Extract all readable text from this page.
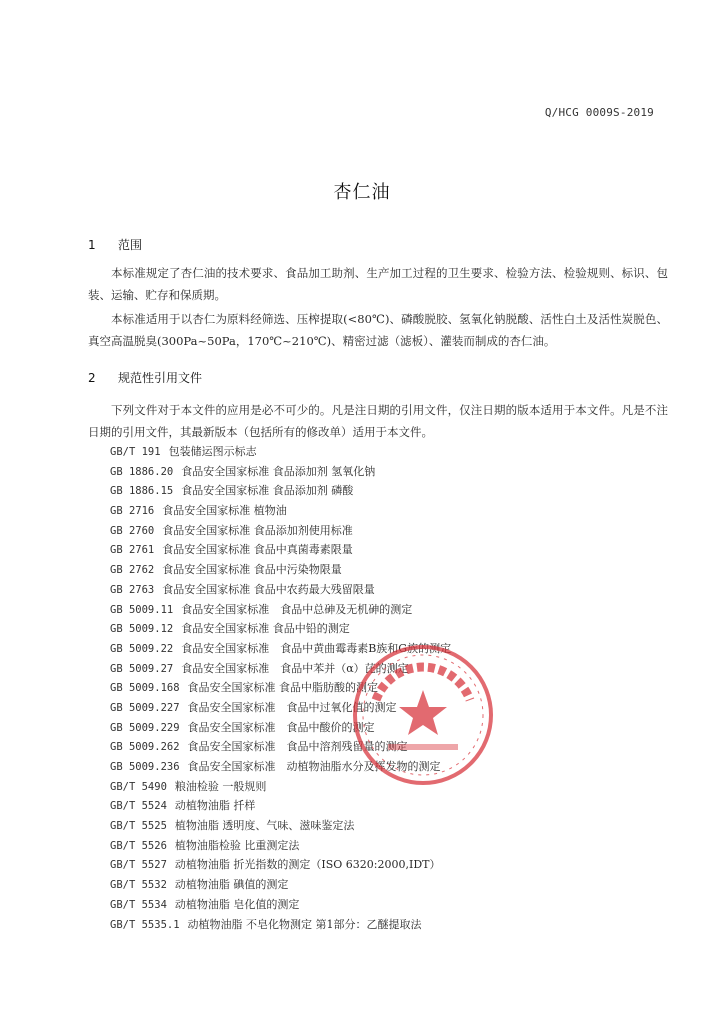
Q/HCG 0009S-2019
杏仁油
1 范围

本标准规定了杏仁油的技术要求、食品加工助剂、生产加工过程的卫生要求、检验方法、检验规则、标识、包装、运输、贮存和保质期。

本标准适用于以杏仁为原料经筛选、压榨提取(<80℃)、磷酸脱胶、氢氧化钠脱酸、活性白土及活性炭脱色、真空高温脱臭(300Pa~50Pa，170℃~210℃)、精密过滤（滤板）、灌装而制成的杏仁油。

2 规范性引用文件

下列文件对于本文件的应用是必不可少的。凡是注日期的引用文件，仅注日期的版本适用于本文件。凡是不注日期的引用文件，其最新版本（包括所有的修改单）适用于本文件。

GB/T 191 包装储运图示标志
GB 1886.20 食品安全国家标准 食品添加剂 氢氧化钠
GB 1886.15 食品安全国家标准 食品添加剂 磷酸
GB 2716 食品安全国家标准 植物油
GB 2760 食品安全国家标准 食品添加剂使用标准
GB 2761 食品安全国家标准 食品中真菌毒素限量
GB 2762 食品安全国家标准 食品中污染物限量
GB 2763 食品安全国家标准 食品中农药最大残留限量
GB 5009.11 食品安全国家标准　食品中总砷及无机砷的测定
GB 5009.12 食品安全国家标准 食品中铅的测定
GB 5009.22 食品安全国家标准　食品中黄曲霉毒素B族和G族的测定
GB 5009.27 食品安全国家标准　食品中苯并（α）芘的测定
GB 5009.168 食品安全国家标准 食品中脂肪酸的测定
GB 5009.227 食品安全国家标准　食品中过氧化值的测定
GB 5009.229 食品安全国家标准　食品中酸价的测定
GB 5009.262 食品安全国家标准　食品中溶剂残留量的测定
GB 5009.236 食品安全国家标准　动植物油脂水分及挥发物的测定
GB/T 5490 粮油检验 一般规则
GB/T 5524 动植物油脂 扦样
GB/T 5525 植物油脂 透明度、气味、滋味鉴定法
GB/T 5526 植物油脂检验 比重测定法
GB/T 5527 动植物油脂 折光指数的测定（ISO 6320:2000,IDT）
GB/T 5532 动植物油脂 碘值的测定
GB/T 5534 动植物油脂 皂化值的测定
GB/T 5535.1 动植物油脂 不皂化物测定 第1部分：乙醚提取法
